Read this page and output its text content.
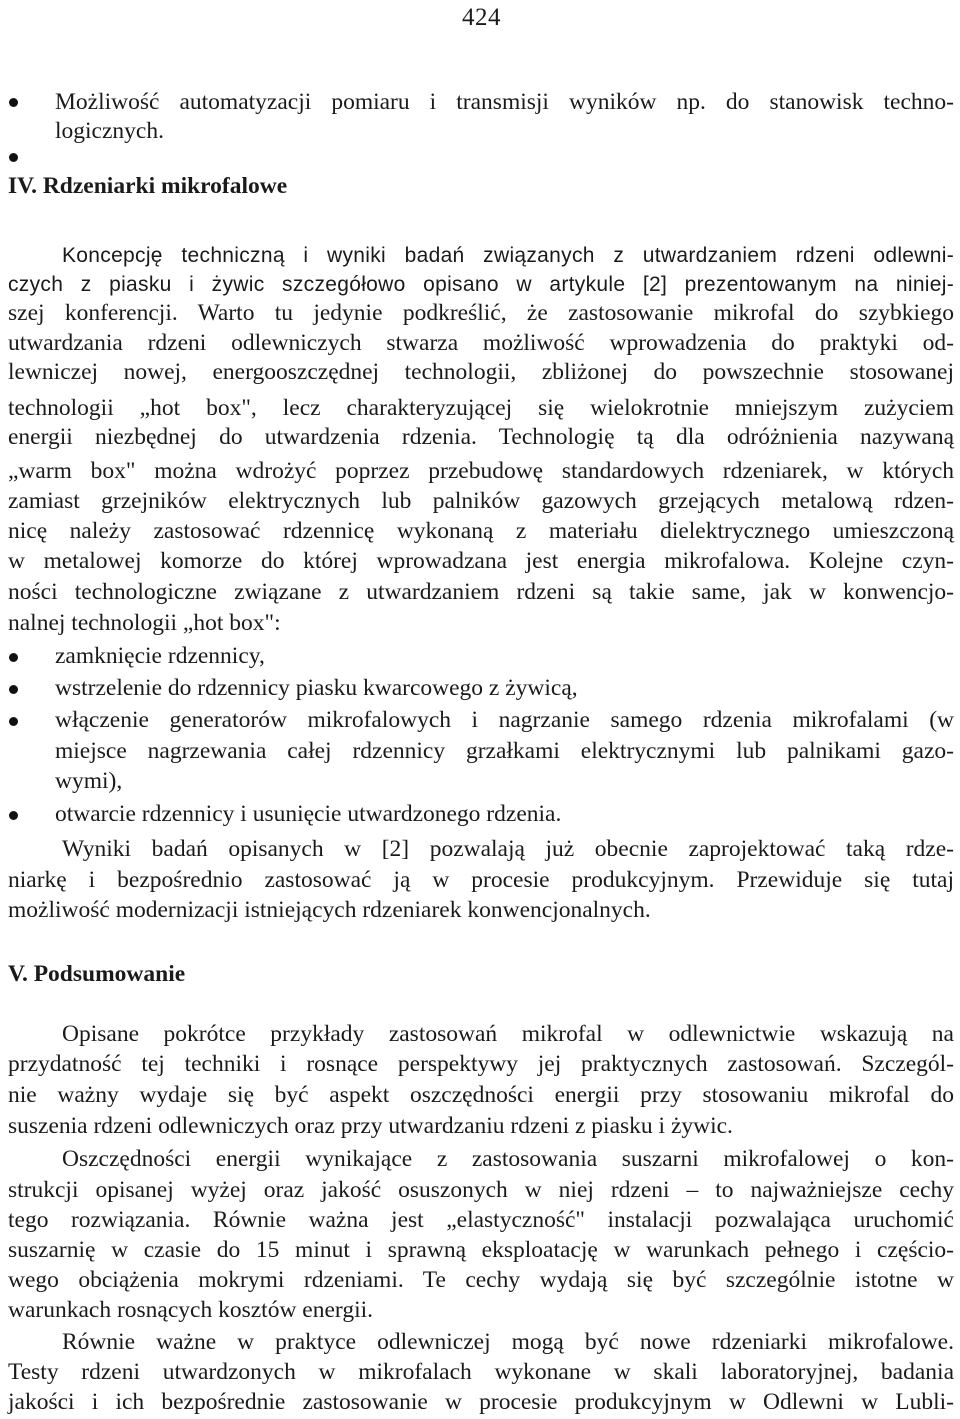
424
Możliwość automatyzacji pomiaru i transmisji wyników np. do stanowisk techno-
logicznych.
IV. Rdzeniarki mikrofalowe
Koncepcję techniczną i wyniki badań związanych z utwardzaniem rdzeni odlewni-
czych z piasku i żywic szczegółowo opisano w artykule [2] prezentowanym na niniej-
szej konferencji. Warto tu jedynie podkreślić, że zastosowanie mikrofal do szybkiego
utwardzania rdzeni odlewniczych stwarza możliwość wprowadzenia do praktyki od-
lewniczej nowej, energooszczędnej technologii, zbliżonej do powszechnie stosowanej
technologii „hot box", lecz charakteryzującej się wielokrotnie mniejszym zużyciem
energii niezbędnej do utwardzenia rdzenia. Technologię tą dla odróżnienia nazywaną
„warm box" można wdrożyć poprzez przebudowę standardowych rdzeniarek, w których
zamiast grzejników elektrycznych lub palników gazowych grzejących metalową rdzen-
nicę należy zastosować rdzennicę wykonaną z materiału dielektrycznego umieszczoną
w metalowej komorze do której wprowadzana jest energia mikrofalowa. Kolejne czyn-
ności technologiczne związane z utwardzaniem rdzeni są takie same, jak w konwencjo-
nalnej technologii „hot box":
zamknięcie rdzennicy,
wstrzelenie do rdzennicy piasku kwarcowego z żywicą,
włączenie generatorów mikrofalowych i nagrzanie samego rdzenia mikrofalami (w
miejsce nagrzewania całej rdzennicy grzałkami elektrycznymi lub palnikami gazo-
wymi),
otwarcie rdzennicy i usunięcie utwardzonego rdzenia.
Wyniki badań opisanych w [2] pozwalają już obecnie zaprojektować taką rdze-
niarkę i bezpośrednio zastosować ją w procesie produkcyjnym. Przewiduje się tutaj
możliwość modernizacji istniejących rdzeniarek konwencjonalnych.
V. Podsumowanie
Opisane pokrótce przykłady zastosowań mikrofal w odlewnictwie wskazują na
przydatność tej techniki i rosnące perspektywy jej praktycznych zastosowań. Szczegól-
nie ważny wydaje się być aspekt oszczędności energii przy stosowaniu mikrofal do
suszenia rdzeni odlewniczych oraz przy utwardzaniu rdzeni z piasku i żywic.
Oszczędności energii wynikające z zastosowania suszarni mikrofalowej o kon-
strukcji opisanej wyżej oraz jakość osuszonych w niej rdzeni – to najważniejsze cechy
tego rozwiązania. Równie ważna jest „elastyczność" instalacji pozwalająca uruchomić
suszarnię w czasie do 15 minut i sprawną eksploatację w warunkach pełnego i częścio-
wego obciążenia mokrymi rdzeniami. Te cechy wydają się być szczególnie istotne w
warunkach rosnących kosztów energii.
Równie ważne w praktyce odlewniczej mogą być nowe rdzeniarki mikrofalowe.
Testy rdzeni utwardzonych w mikrofalach wykonane w skali laboratoryjnej, badania
jakości i ich bezpośrednie zastosowanie w procesie produkcyjnym w Odlewni w Lubli-
